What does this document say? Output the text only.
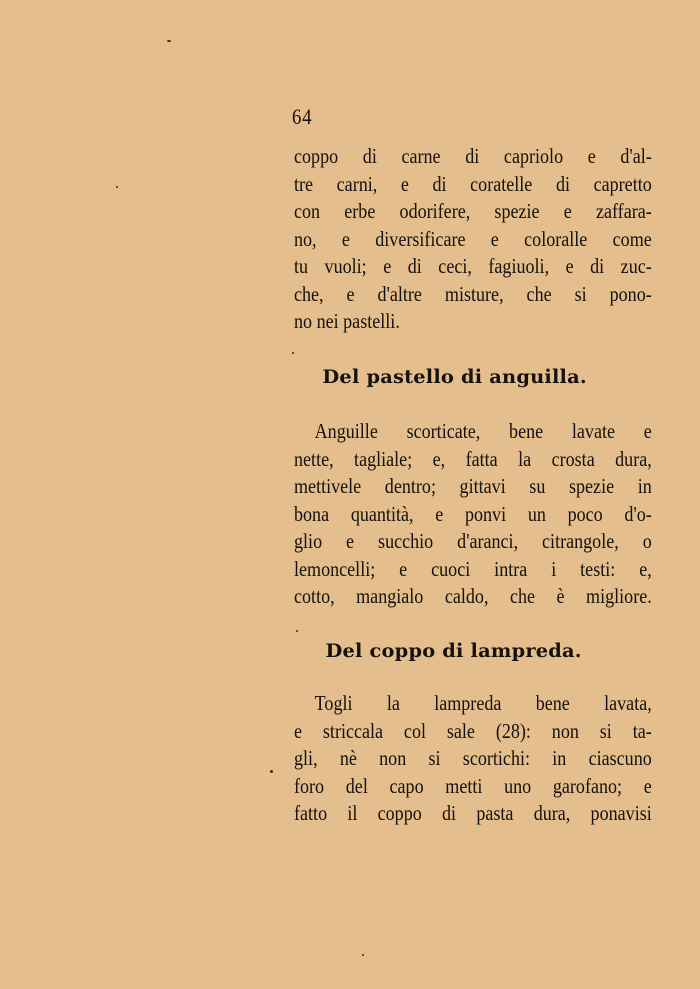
64
coppo di carne di capriolo e d'al-
tre carni, e di coratelle di capretto
con erbe odorifere, spezie e zaffara-
no, e diversificare e coloralle come
tu vuoli; e di ceci, fagiuoli, e di zuc-
che, e d'altre misture, che si pono-
no nei pastelli.
Del pastello di anguilla.
Anguille scorticate, bene lavate e
nette, tagliale; e, fatta la crosta dura,
mettivele dentro; gittavi su spezie in
bona quantità, e ponvi un poco d'o-
glio e succhio d'aranci, citrangole, o
lemoncelli; e cuoci intra i testi: e,
cotto, mangialo caldo, che è migliore.
Del coppo di lampreda.
Togli la lampreda bene lavata,
e striccala col sale (28): non si ta-
gli, nè non si scortichi: in ciascuno
foro del capo metti uno garofano; e
fatto il coppo di pasta dura, ponavisi
